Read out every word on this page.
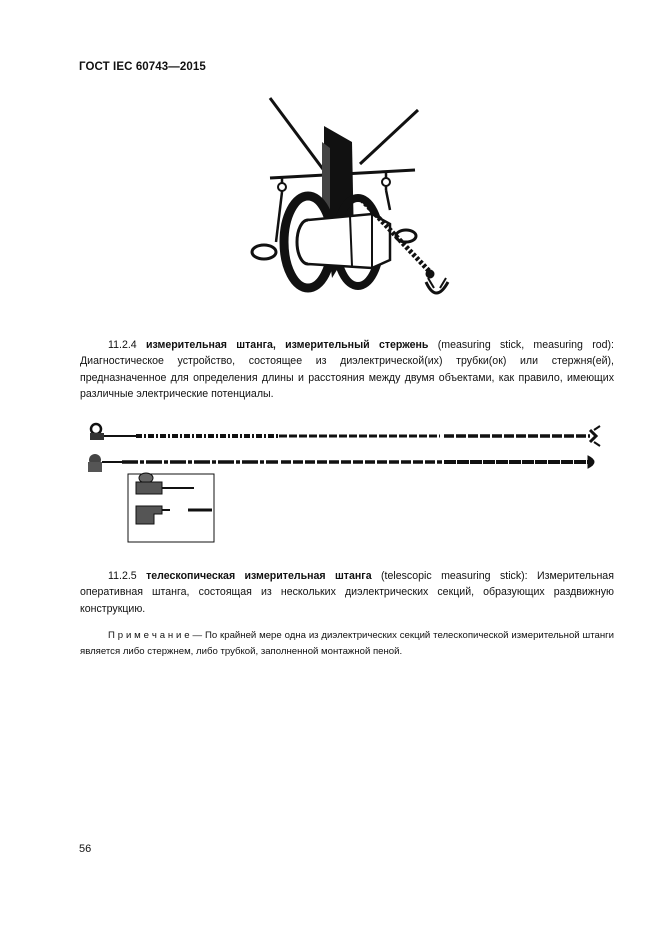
ГОСТ IEC 60743—2015
11.2.4 измерительная штанга, измерительный стержень (measuring stick, measuring rod): Диагностическое устройство, состоящее из диэлектрической(их) трубки(ок) или стержня(ей), предназначенное для определения длины и расстояния между двумя объектами, как правило, имеющих различные электрические потенциалы.
11.2.5 телескопическая измерительная штанга (telescopic measuring stick): Измерительная оперативная штанга, состоящая из нескольких диэлектрических секций, образующих раздвижную конструкцию.
П р и м е ч а н и е — По крайней мере одна из диэлектрических секций телескопической измерительной штанги является либо стержнем, либо трубкой, заполненной монтажной пеной.
56
